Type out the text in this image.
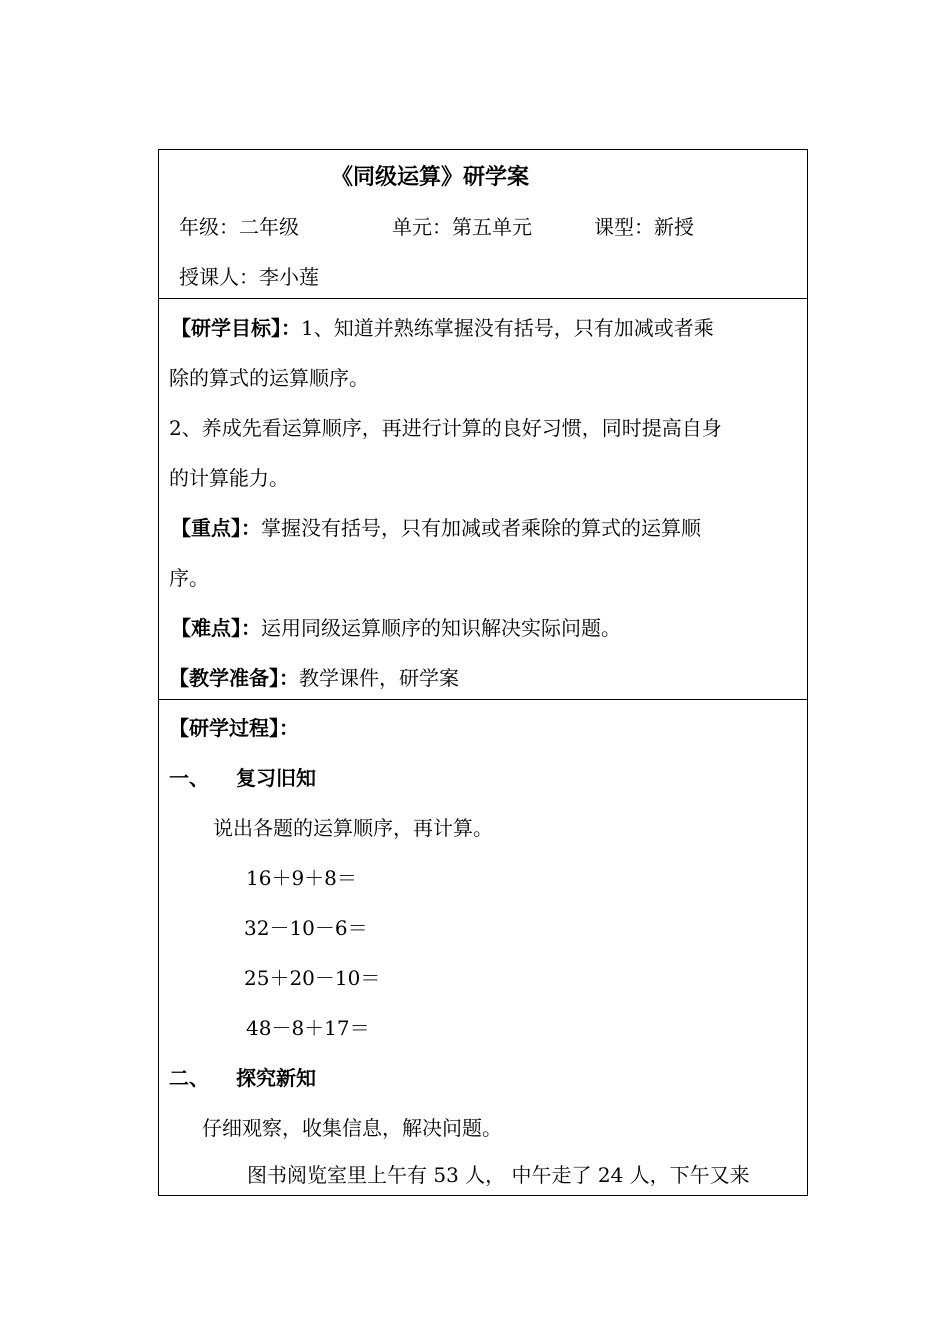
《同级运算》研学案
年级：二年级	单元：第五单元	课型：新授
授课人：李小莲
【研学目标】：1、知道并熟练掌握没有括号，只有加减或者乘
除的算式的运算顺序。
2、养成先看运算顺序，再进行计算的良好习惯，同时提高自身
的计算能力。
【重点】：掌握没有括号，只有加减或者乘除的算式的运算顺
序。
【难点】：运用同级运算顺序的知识解决实际问题。
【教学准备】：教学课件，研学案
【研学过程】：
一、 复习旧知
说出各题的运算顺序，再计算。
16＋9＋8＝
32－10－6＝
25＋20－10＝
48－8＋17＝
二、 探究新知
仔细观察，收集信息，解决问题。
图书阅览室里上午有 53 人， 中午走了 24 人，下午又来
